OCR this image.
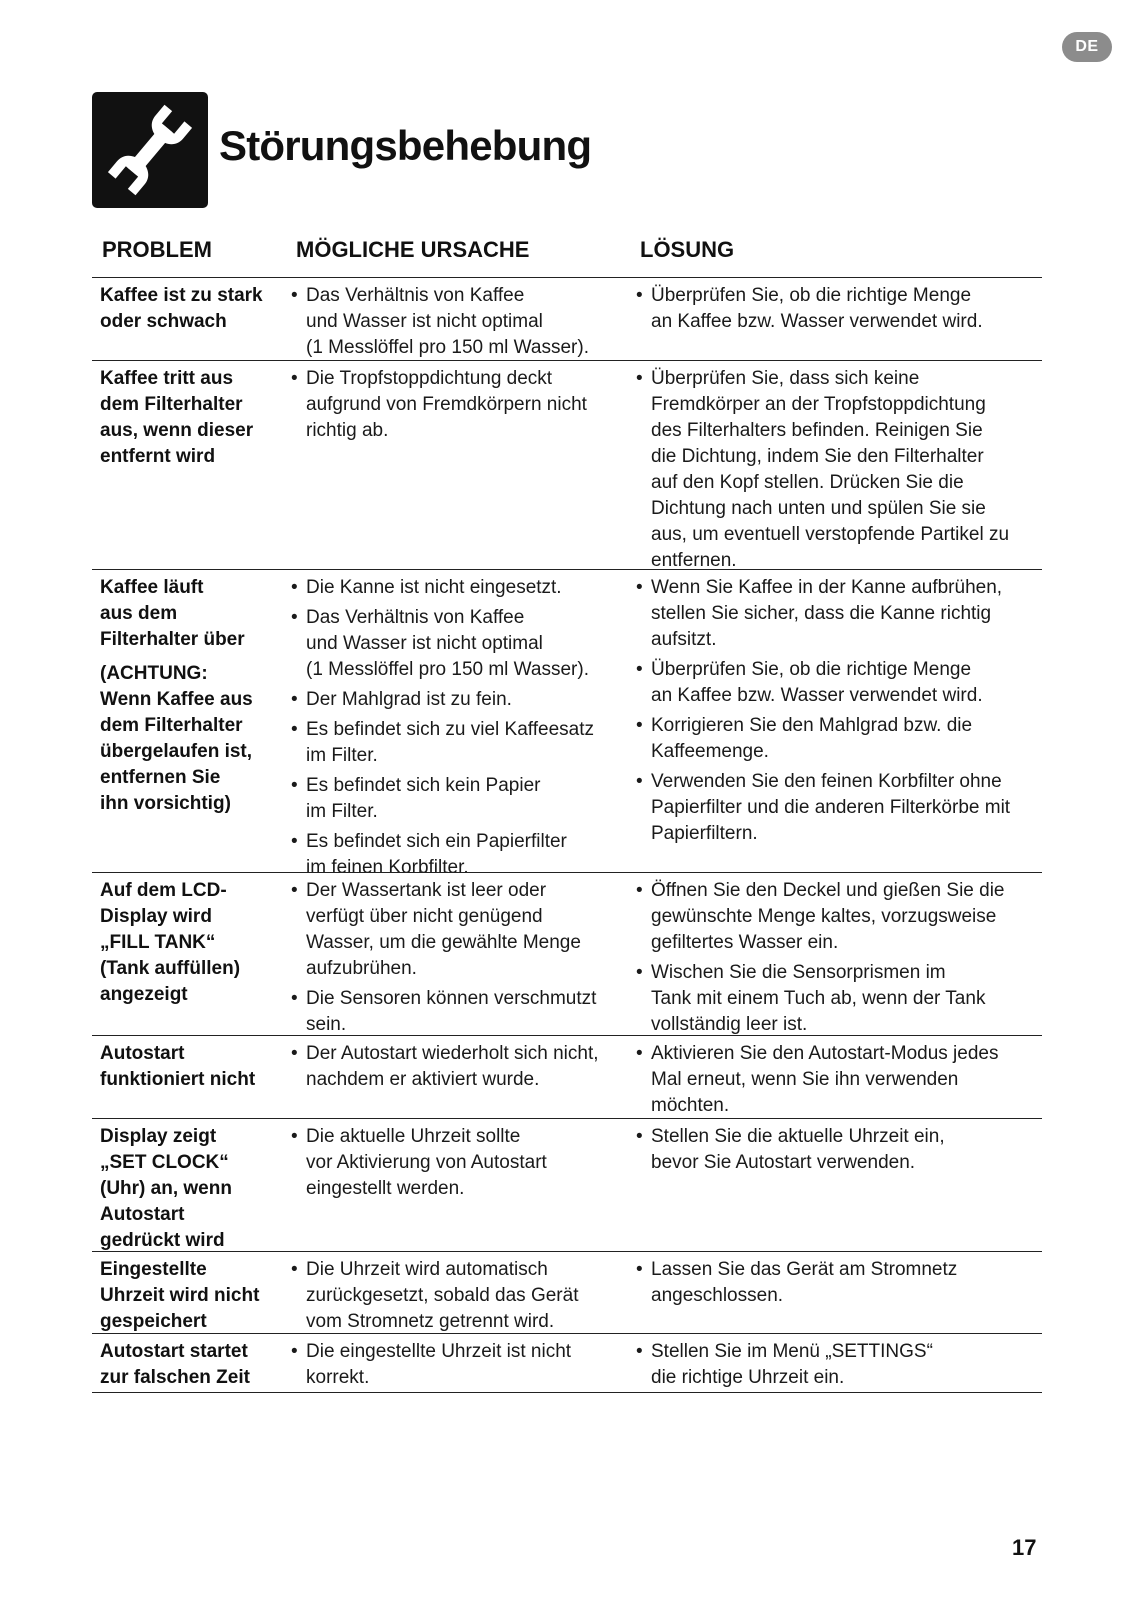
DE
Störungsbehebung
PROBLEM	MÖGLICHE URSACHE	LÖSUNG
Kaffee ist zu stark
oder schwach
• Das Verhältnis von Kaffee
und Wasser ist nicht optimal
(1 Messlöffel pro 150 ml Wasser).
• Überprüfen Sie, ob die richtige Menge
an Kaffee bzw. Wasser verwendet wird.
Kaffee tritt aus
dem Filterhalter
aus, wenn dieser
entfernt wird
• Die Tropfstoppdichtung deckt
aufgrund von Fremdkörpern nicht
richtig ab.
• Überprüfen Sie, dass sich keine
Fremdkörper an der Tropfstoppdichtung
des Filterhalters befinden. Reinigen Sie
die Dichtung, indem Sie den Filterhalter
auf den Kopf stellen. Drücken Sie die
Dichtung nach unten und spülen Sie sie
aus, um eventuell verstopfende Partikel zu
entfernen.
Kaffee läuft
aus dem
Filterhalter über
(ACHTUNG:
Wenn Kaffee aus
dem Filterhalter
übergelaufen ist,
entfernen Sie
ihn vorsichtig)
• Die Kanne ist nicht eingesetzt.
• Das Verhältnis von Kaffee
und Wasser ist nicht optimal
(1 Messlöffel pro 150 ml Wasser).
• Der Mahlgrad ist zu fein.
• Es befindet sich zu viel Kaffeesatz
im Filter.
• Es befindet sich kein Papier
im Filter.
• Es befindet sich ein Papierfilter
im feinen Korbfilter.
• Wenn Sie Kaffee in der Kanne aufbrühen,
stellen Sie sicher, dass die Kanne richtig
aufsitzt.
• Überprüfen Sie, ob die richtige Menge
an Kaffee bzw. Wasser verwendet wird.
• Korrigieren Sie den Mahlgrad bzw. die
Kaffeemenge.
• Verwenden Sie den feinen Korbfilter ohne
Papierfilter und die anderen Filterkörbe mit
Papierfiltern.
Auf dem LCD-
Display wird
„FILL TANK“
(Tank auffüllen)
angezeigt
• Der Wassertank ist leer oder
verfügt über nicht genügend
Wasser, um die gewählte Menge
aufzubrühen.
• Die Sensoren können verschmutzt
sein.
• Öffnen Sie den Deckel und gießen Sie die
gewünschte Menge kaltes, vorzugsweise
gefiltertes Wasser ein.
• Wischen Sie die Sensorprismen im
Tank mit einem Tuch ab, wenn der Tank
vollständig leer ist.
Autostart
funktioniert nicht
• Der Autostart wiederholt sich nicht,
nachdem er aktiviert wurde.
• Aktivieren Sie den Autostart-Modus jedes
Mal erneut, wenn Sie ihn verwenden
möchten.
Display zeigt
„SET CLOCK“
(Uhr) an, wenn
Autostart
gedrückt wird
• Die aktuelle Uhrzeit sollte
vor Aktivierung von Autostart
eingestellt werden.
• Stellen Sie die aktuelle Uhrzeit ein,
bevor Sie Autostart verwenden.
Eingestellte
Uhrzeit wird nicht
gespeichert
• Die Uhrzeit wird automatisch
zurückgesetzt, sobald das Gerät
vom Stromnetz getrennt wird.
• Lassen Sie das Gerät am Stromnetz
angeschlossen.
Autostart startet
zur falschen Zeit
• Die eingestellte Uhrzeit ist nicht
korrekt.
• Stellen Sie im Menü „SETTINGS“
die richtige Uhrzeit ein.
17
